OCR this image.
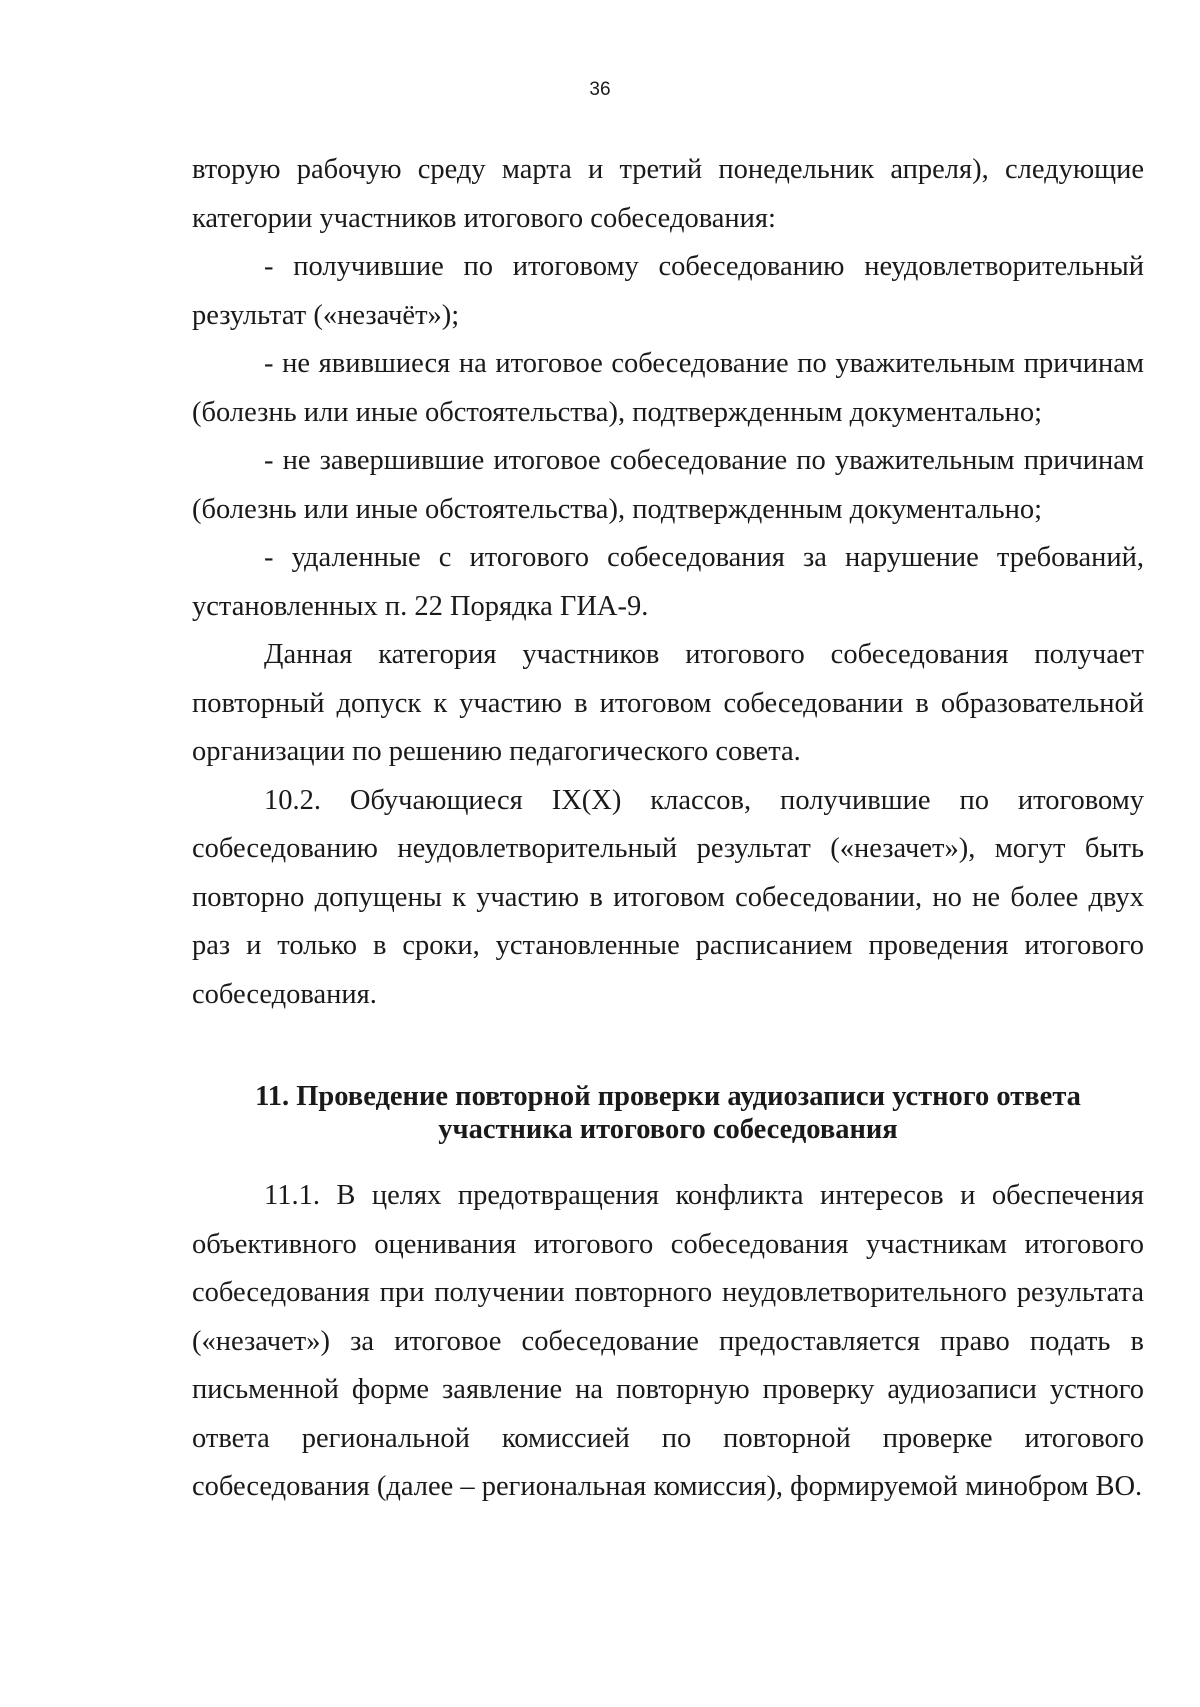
36

вторую рабочую среду марта и третий понедельник апреля), следующие категории участников итогового собеседования:

- получившие по итоговому собеседованию неудовлетворительный результат («незачёт»);

- не явившиеся на итоговое собеседование по уважительным причинам (болезнь или иные обстоятельства), подтвержденным документально;

- не завершившие итоговое собеседование по уважительным причинам (болезнь или иные обстоятельства), подтвержденным документально;

- удаленные с итогового собеседования за нарушение требований, установленных п. 22 Порядка ГИА-9.

Данная категория участников итогового собеседования получает повторный допуск к участию в итоговом собеседовании в образовательной организации по решению педагогического совета.

10.2. Обучающиеся IX(X) классов, получившие по итоговому собеседованию неудовлетворительный результат («незачет»), могут быть повторно допущены к участию в итоговом собеседовании, но не более двух раз и только в сроки, установленные расписанием проведения итогового собеседования.

11. Проведение повторной проверки аудиозаписи устного ответа
участника итогового собеседования

11.1. В целях предотвращения конфликта интересов и обеспечения объективного оценивания итогового собеседования участникам итогового собеседования при получении повторного неудовлетворительного результата («незачет») за итоговое собеседование предоставляется право подать в письменной форме заявление на повторную проверку аудиозаписи устного ответа региональной комиссией по повторной проверке итогового собеседования (далее – региональная комиссия), формируемой минобром ВО.
